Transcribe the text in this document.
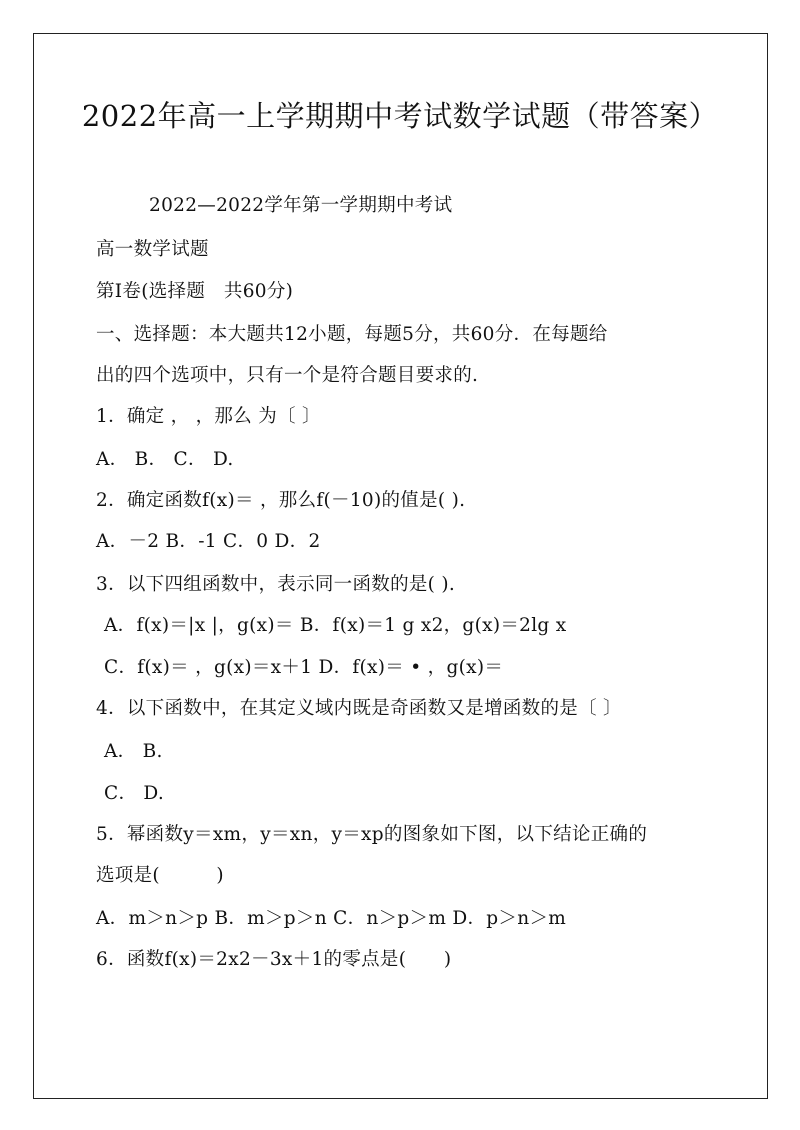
2022年高一上学期期中考试数学试题（带答案）
2022—2022学年第一学期期中考试
高一数学试题
第Ⅰ卷(选择题　共60分)
一、选择题：本大题共12小题，每题5分，共60分．在每题给
出的四个选项中，只有一个是符合题目要求的.
1．确定 ， ，那么 为〔 〕
A． B． C． D.
2．确定函数f(x)＝ ，那么f(－10)的值是( ).
A．－2 B．-1 C．0 D．2
3．以下四组函数中，表示同一函数的是( ).
A．f(x)＝|x |，g(x)＝ B．f(x)＝1 g x2，g(x)＝2lg x
C．f(x)＝ ，g(x)＝x＋1 D．f(x)＝ • ，g(x)＝
4．以下函数中，在其定义域内既是奇函数又是增函数的是〔 〕
A． B.
C． D.
5．幂函数y＝xm，y＝xn，y＝xp的图象如下图，以下结论正确的
选项是(　　　)
A．m＞n＞p B．m＞p＞n C．n＞p＞m D．p＞n＞m
6．函数f(x)＝2x2－3x＋1的零点是(　　)
